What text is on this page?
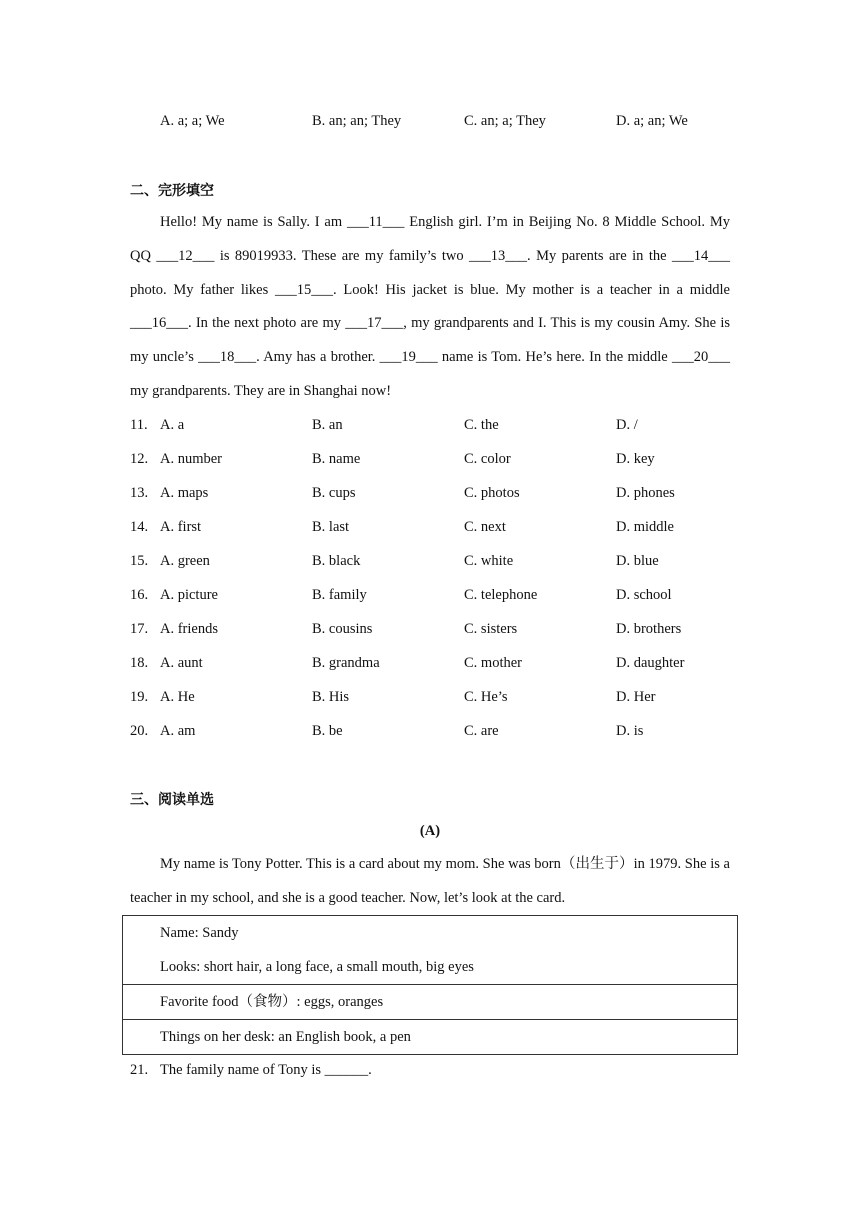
A. a; a; We	B. an; an; They	C. an; a; They	D. a; an; We
二、完形填空

Hello! My name is Sally. I am ___11___ English girl. I’m in Beijing No. 8 Middle School. My QQ ___12___ is 89019933. These are my family’s two ___13___. My parents are in the ___14___ photo. My father likes ___15___. Look! His jacket is blue. My mother is a teacher in a middle ___16___. In the next photo are my ___17___, my grandparents and I. This is my cousin Amy. She is my uncle’s ___18___. Amy has a brother. ___19___ name is Tom. He’s here. In the middle ___20___ my grandparents. They are in Shanghai now!

11. A. a	B. an	C. the	D. /
12. A. number	B. name	C. color	D. key
13. A. maps	B. cups	C. photos	D. phones
14. A. first	B. last	C. next	D. middle
15. A. green	B. black	C. white	D. blue
16. A. picture	B. family	C. telephone	D. school
17. A. friends	B. cousins	C. sisters	D. brothers
18. A. aunt	B. grandma	C. mother	D. daughter
19. A. He	B. His	C. He’s	D. Her
20. A. am	B. be	C. are	D. is
三、阅读单选
(A)

My name is Tony Potter. This is a card about my mom. She was born（出生于）in 1979. She is a teacher in my school, and she is a good teacher. Now, let’s look at the card.

Name: Sandy
Looks: short hair, a long face, a small mouth, big eyes

Favorite food（食物）: eggs, oranges

Things on her desk: an English book, a pen
21. The family name of Tony is ______.
